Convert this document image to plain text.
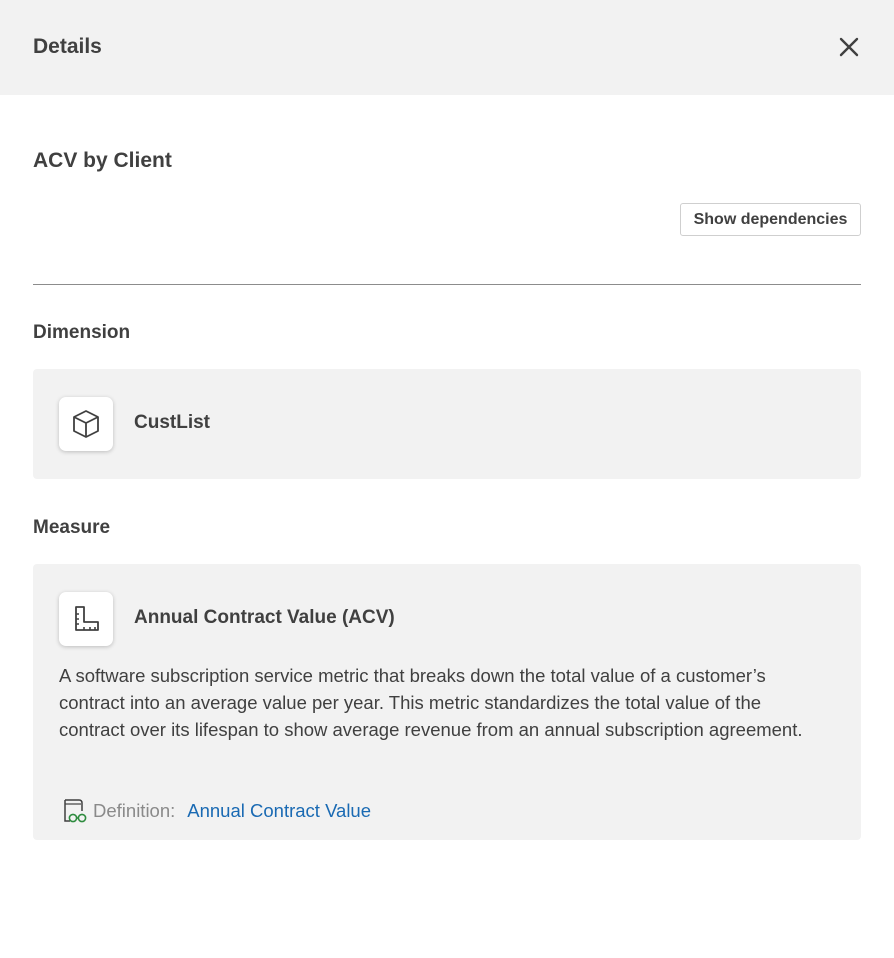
Details
ACV by Client
Show dependencies
Dimension
CustList
Measure
Annual Contract Value (ACV)
A software subscription service metric that breaks down the total value of a customer’s contract into an average value per year. This metric standardizes the total value of the contract over its lifespan to show average revenue from an annual subscription agreement.
Definition: Annual Contract Value
